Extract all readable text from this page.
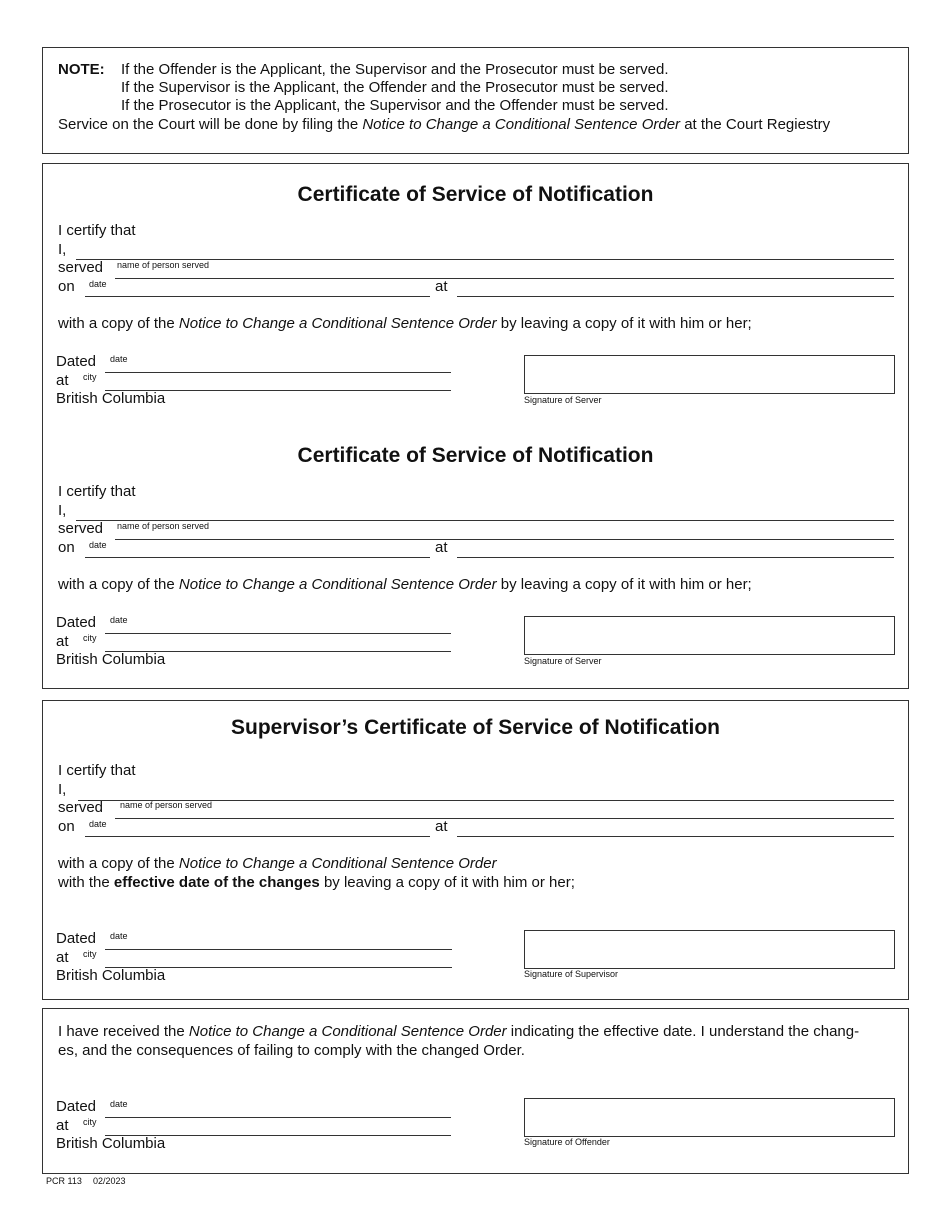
NOTE: If the Offender is the Applicant, the Supervisor and the Prosecutor must be served.
If the Supervisor is the Applicant, the Offender and the Prosecutor must be served.
If the Prosecutor is the Applicant, the Supervisor and the Offender must be served.
Service on the Court will be done by filing the Notice to Change a Conditional Sentence Order at the Court Regiestry
Certificate of Service of Notification
I certify that
I,
served name of person served
on date	at
with a copy of the Notice to Change a Conditional Sentence Order by leaving a copy of it with him or her;
Dated date
at city
British Columbia	Signature of Server
Certificate of Service of Notification
I certify that
I,
served name of person served
on date	at
with a copy of the Notice to Change a Conditional Sentence Order by leaving a copy of it with him or her;
Dated date
at city
British Columbia	Signature of Server
Supervisor’s Certificate of Service of Notification
I certify that
I,
served name of person served
on date	at
with a copy of the Notice to Change a Conditional Sentence Order
with the effective date of the changes by leaving a copy of it with him or her;
Dated date
at city
British Columbia	Signature of Supervisor
I have received the Notice to Change a Conditional Sentence Order indicating the effective date. I understand the chang-
es, and the consequences of failing to comply with the changed Order.
Dated date
at city
British Columbia	Signature of Offender
PCR 113 02/2023
